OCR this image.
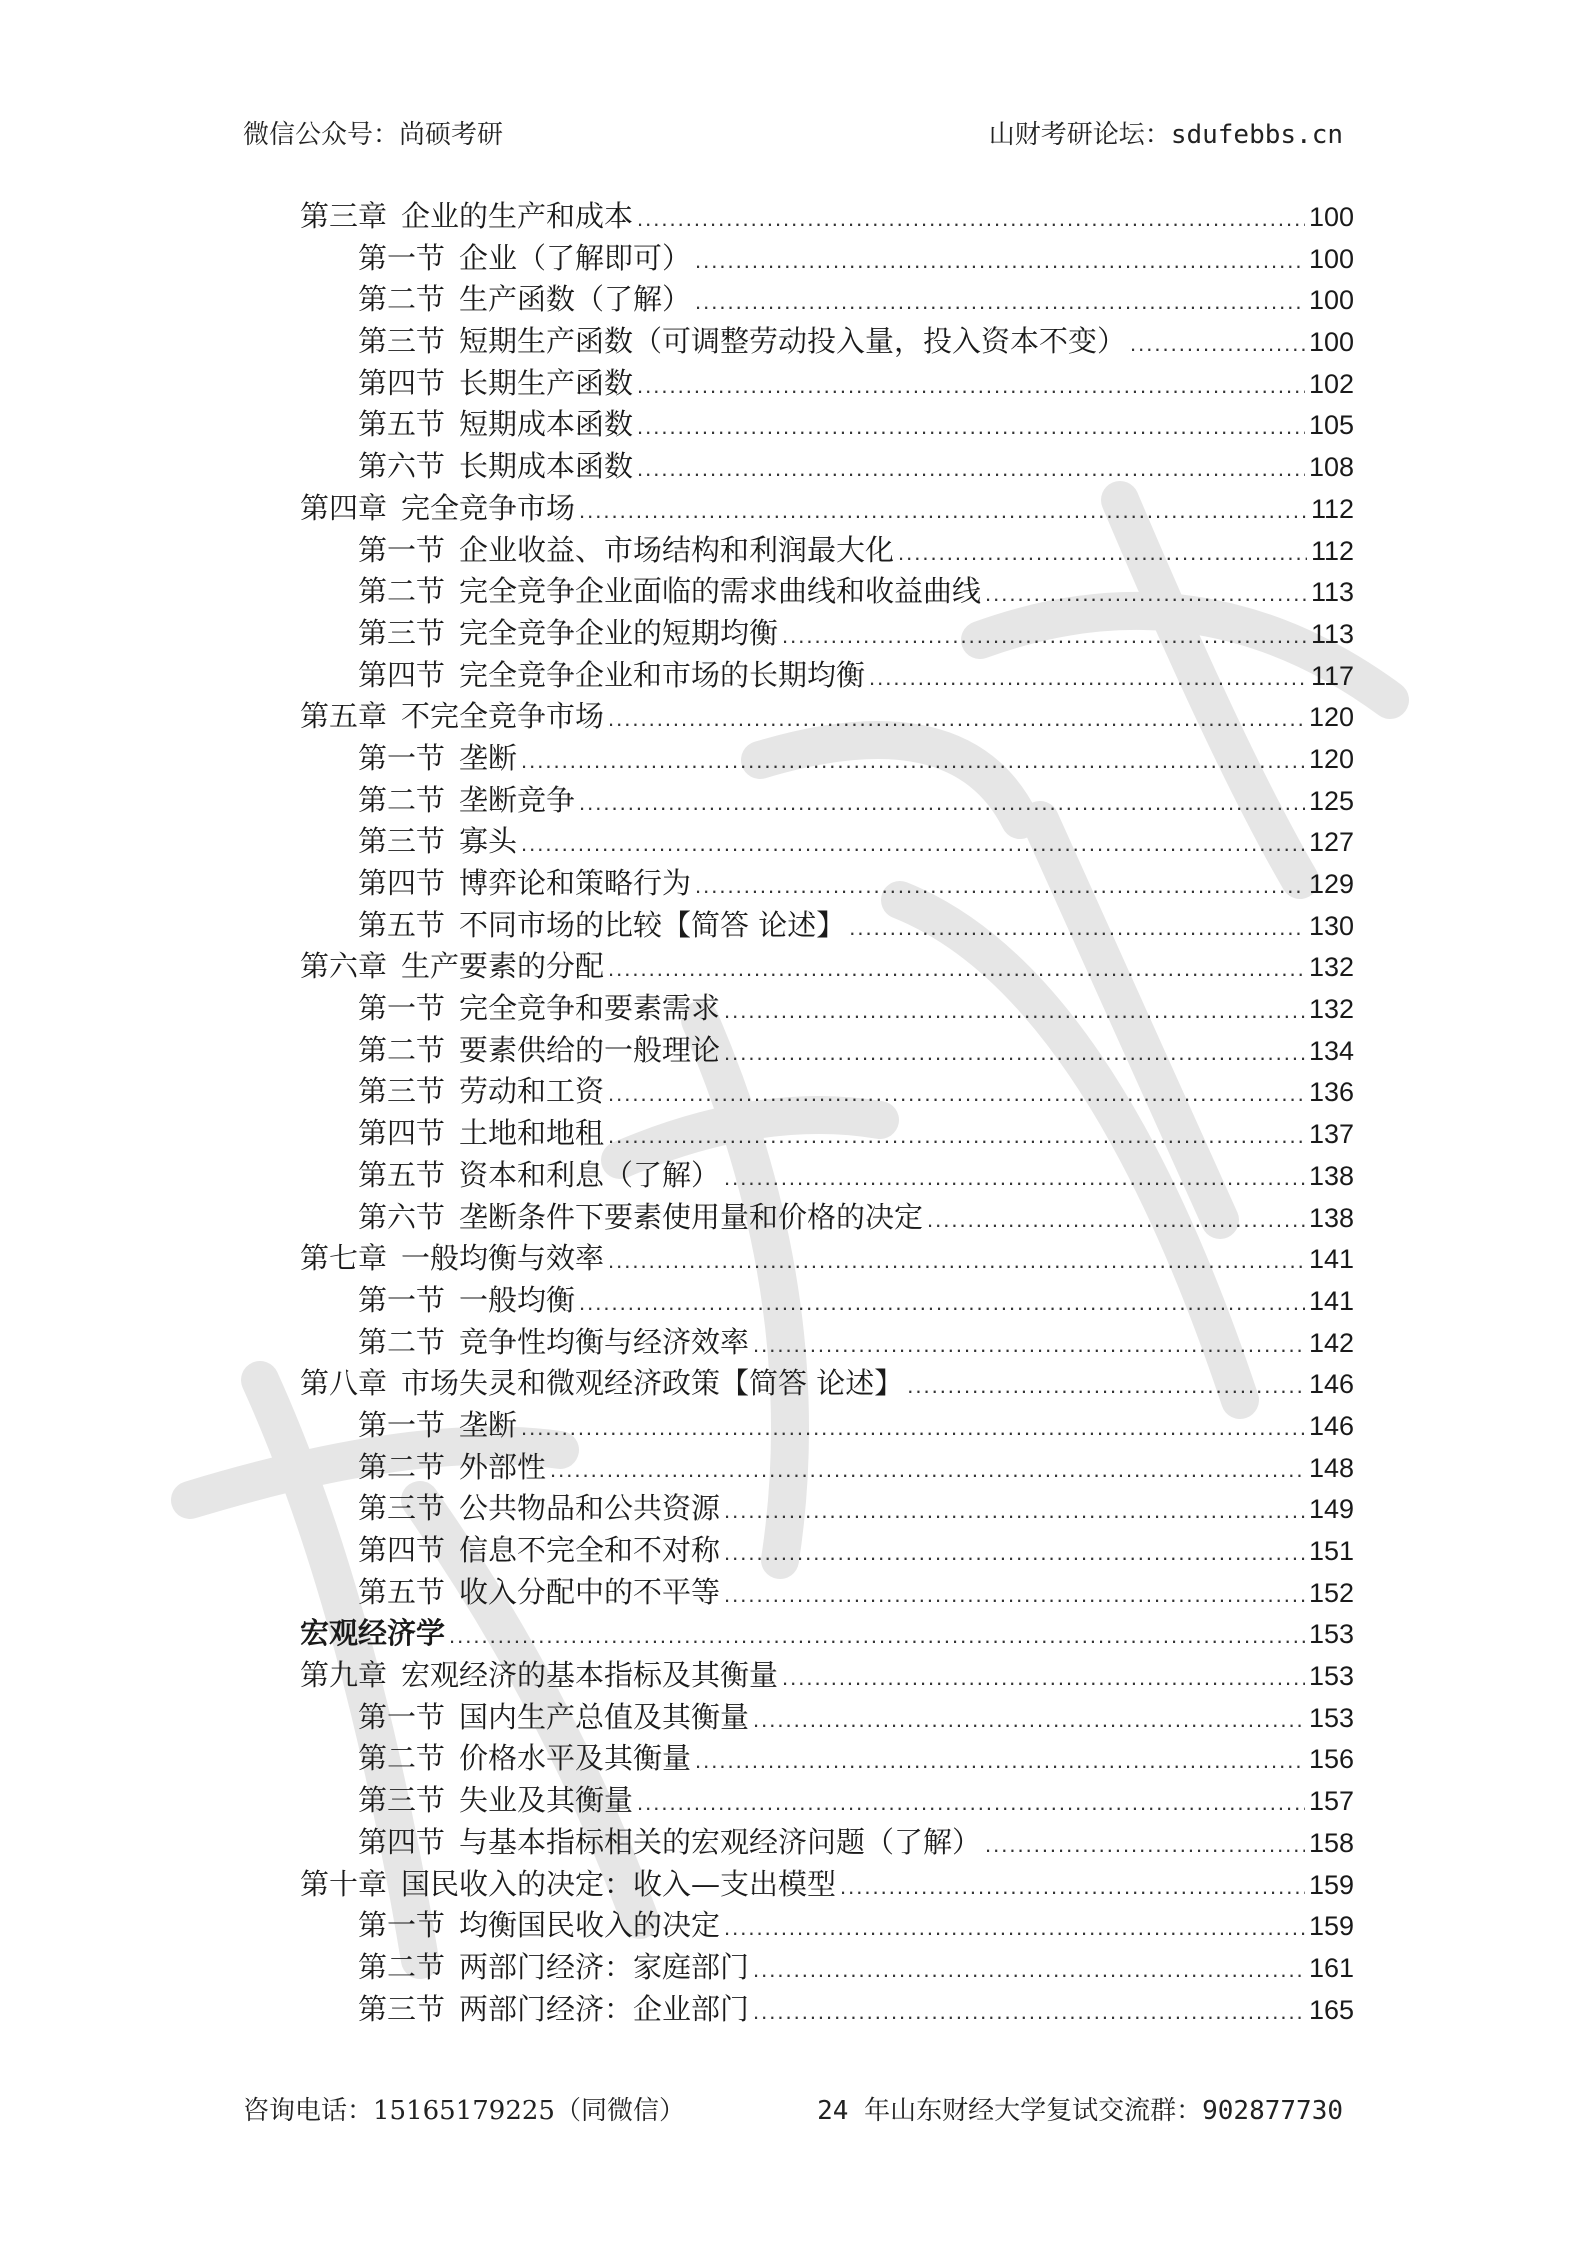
微信公众号：尚硕考研	山财考研论坛：sdufebbs.cn
第三章 企业的生产和成本 .....	100
第一节 企业（了解即可） .....	100
第二节 生产函数（了解） .....	100
第三节 短期生产函数（可调整劳动投入量，投入资本不变） .....	100
第四节 长期生产函数 .....	102
第五节 短期成本函数 .....	105
第六节 长期成本函数 .....	108
第四章 完全竞争市场 .....	112
第一节 企业收益、市场结构和利润最大化 .....	112
第二节 完全竞争企业面临的需求曲线和收益曲线 .....	113
第三节 完全竞争企业的短期均衡 .....	113
第四节 完全竞争企业和市场的长期均衡 .....	117
第五章 不完全竞争市场 .....	120
第一节 垄断 .....	120
第二节 垄断竞争 .....	125
第三节 寡头 .....	127
第四节 博弈论和策略行为 .....	129
第五节 不同市场的比较【简答 论述】 .....	130
第六章 生产要素的分配 .....	132
第一节 完全竞争和要素需求 .....	132
第二节 要素供给的一般理论 .....	134
第三节 劳动和工资 .....	136
第四节 土地和地租 .....	137
第五节 资本和利息（了解） .....	138
第六节 垄断条件下要素使用量和价格的决定 .....	138
第七章 一般均衡与效率 .....	141
第一节 一般均衡 .....	141
第二节 竞争性均衡与经济效率 .....	142
第八章 市场失灵和微观经济政策【简答 论述】 .....	146
第一节 垄断 .....	146
第二节 外部性 .....	148
第三节 公共物品和公共资源 .....	149
第四节 信息不完全和不对称 .....	151
第五节 收入分配中的不平等 .....	152
宏观经济学 .....	153
第九章 宏观经济的基本指标及其衡量 .....	153
第一节 国内生产总值及其衡量 .....	153
第二节 价格水平及其衡量 .....	156
第三节 失业及其衡量 .....	157
第四节 与基本指标相关的宏观经济问题（了解） .....	158
第十章 国民收入的决定：收入—支出模型 .....	159
第一节 均衡国民收入的决定 .....	159
第二节 两部门经济：家庭部门 .....	161
第三节 两部门经济：企业部门 .....	165
咨询电话：15165179225（同微信）	24 年山东财经大学复试交流群：902877730
